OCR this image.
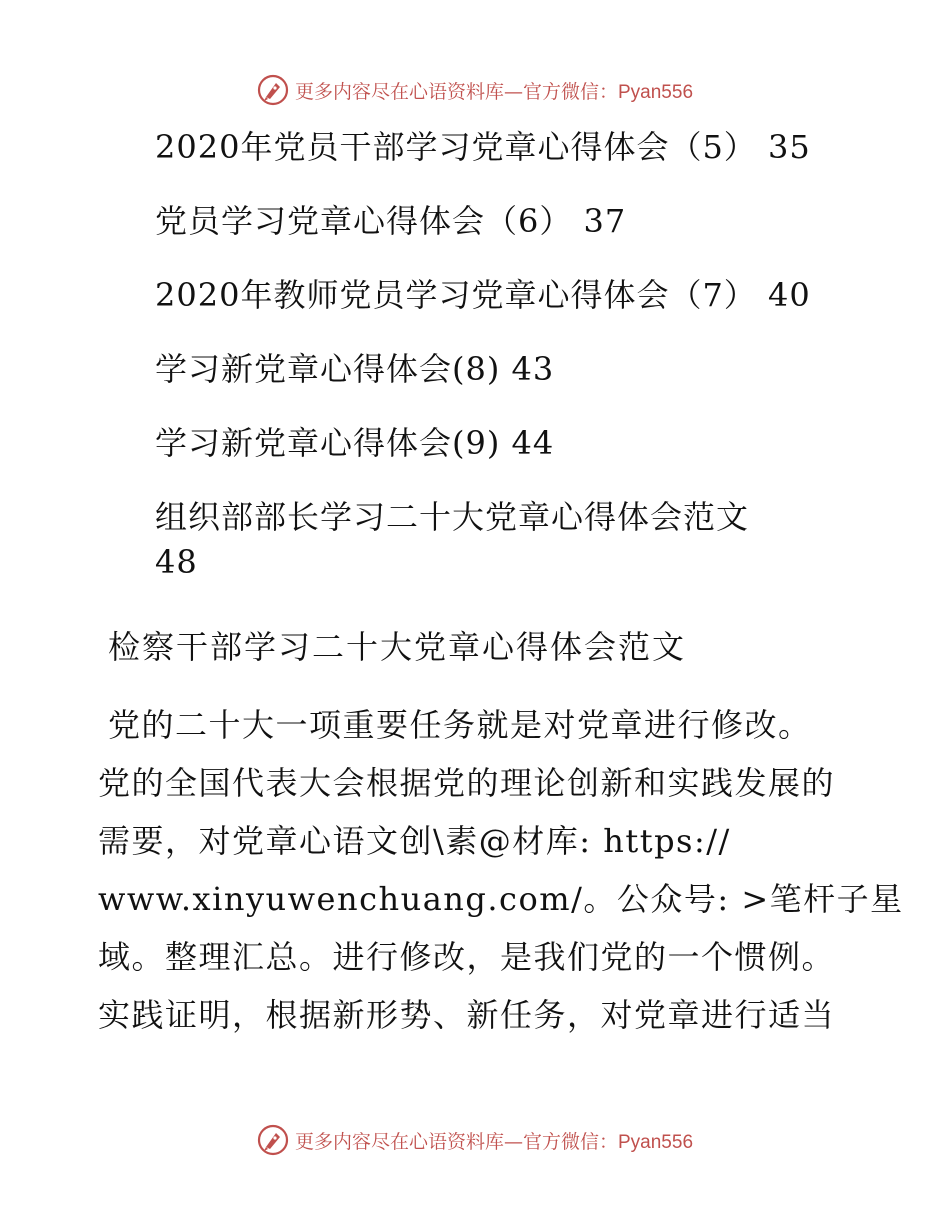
更多内容尽在心语资料库—官方微信：Pyan556
2020年党员干部学习党章心得体会（5） 35
党员学习党章心得体会（6） 37
2020年教师党员学习党章心得体会（7） 40
学习新党章心得体会(8) 43
学习新党章心得体会(9) 44
组织部部长学习二十大党章心得体会范文
48
检察干部学习二十大党章心得体会范文
党的二十大一项重要任务就是对党章进行修改。
党的全国代表大会根据党的理论创新和实践发展的
需要，对党章心语文创\素@材库: https://
www.xinyuwenchuang.com/。公众号: >笔杆子星
域。整理汇总。进行修改，是我们党的一个惯例。
实践证明，根据新形势、新任务，对党章进行适当
更多内容尽在心语资料库—官方微信：Pyan556
